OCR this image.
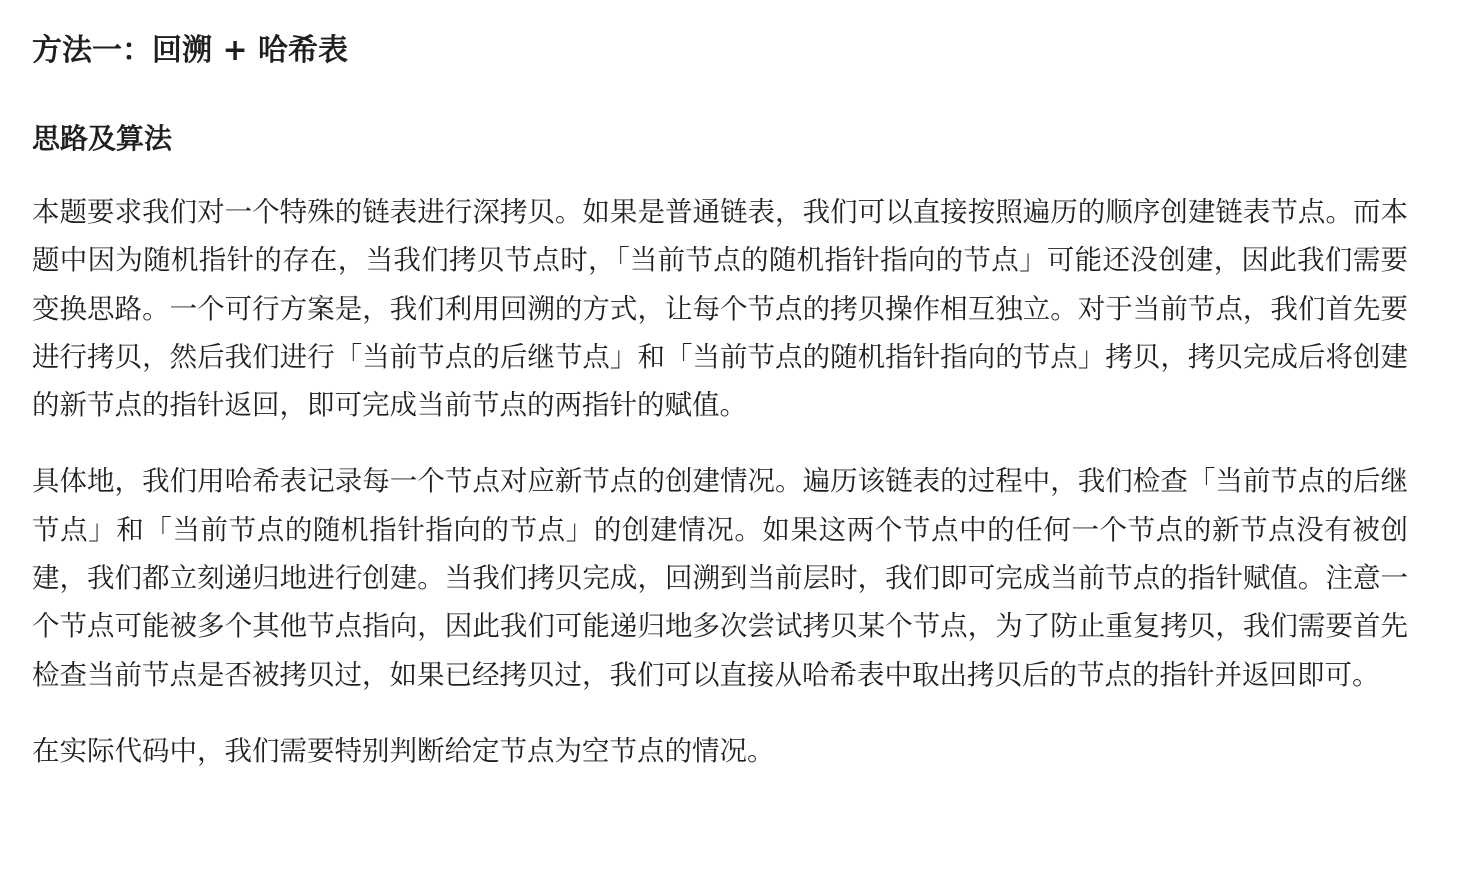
方法一：回溯 + 哈希表
思路及算法

本题要求我们对一个特殊的链表进行深拷贝。如果是普通链表，我们可以直接按照遍历的顺序创建链表节点。而本题中因为随机指针的存在，当我们拷贝节点时，「当前节点的随机指针指向的节点」可能还没创建，因此我们需要变换思路。一个可行方案是，我们利用回溯的方式，让每个节点的拷贝操作相互独立。对于当前节点，我们首先要进行拷贝，然后我们进行「当前节点的后继节点」和「当前节点的随机指针指向的节点」拷贝，拷贝完成后将创建的新节点的指针返回，即可完成当前节点的两指针的赋值。

具体地，我们用哈希表记录每一个节点对应新节点的创建情况。遍历该链表的过程中，我们检查「当前节点的后继节点」和「当前节点的随机指针指向的节点」的创建情况。如果这两个节点中的任何一个节点的新节点没有被创建，我们都立刻递归地进行创建。当我们拷贝完成，回溯到当前层时，我们即可完成当前节点的指针赋值。注意一个节点可能被多个其他节点指向，因此我们可能递归地多次尝试拷贝某个节点，为了防止重复拷贝，我们需要首先检查当前节点是否被拷贝过，如果已经拷贝过，我们可以直接从哈希表中取出拷贝后的节点的指针并返回即可。

在实际代码中，我们需要特别判断给定节点为空节点的情况。
